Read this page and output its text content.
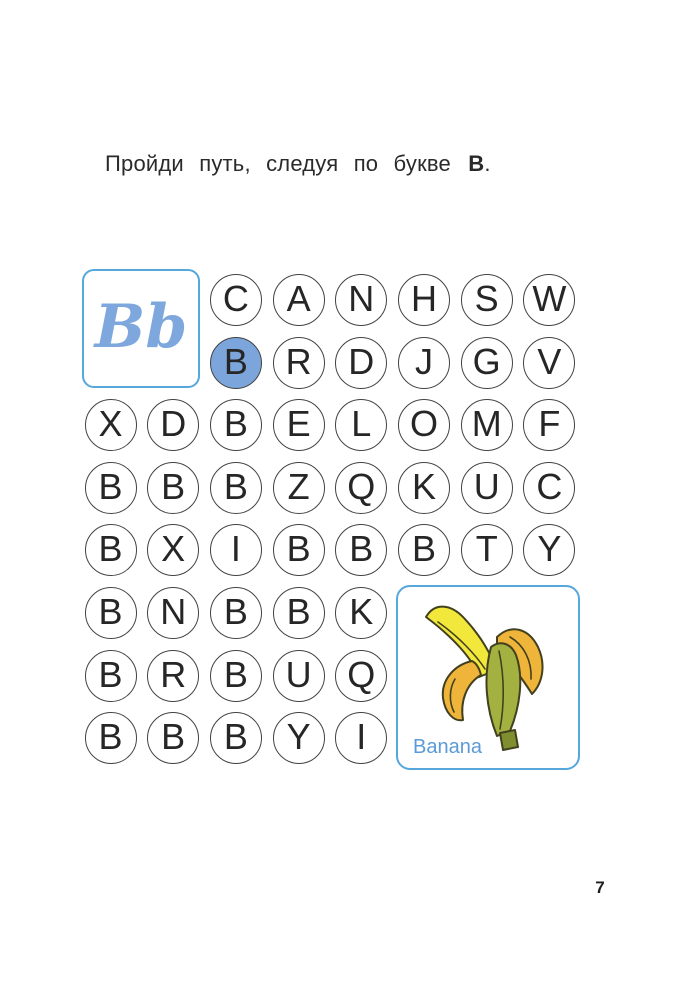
Пройди путь, следуя по букве В.
Bb C	A	N	H	S W
B	R	D	J	G	V
X	D	B	E	L	O M	F
B	B	B	Z	Q	K	U	C
B	X	I	B	B	B	T	Y
B	N	B	B	K
B	R	B	U Q
B	B	B	Y	I	Banana
7
